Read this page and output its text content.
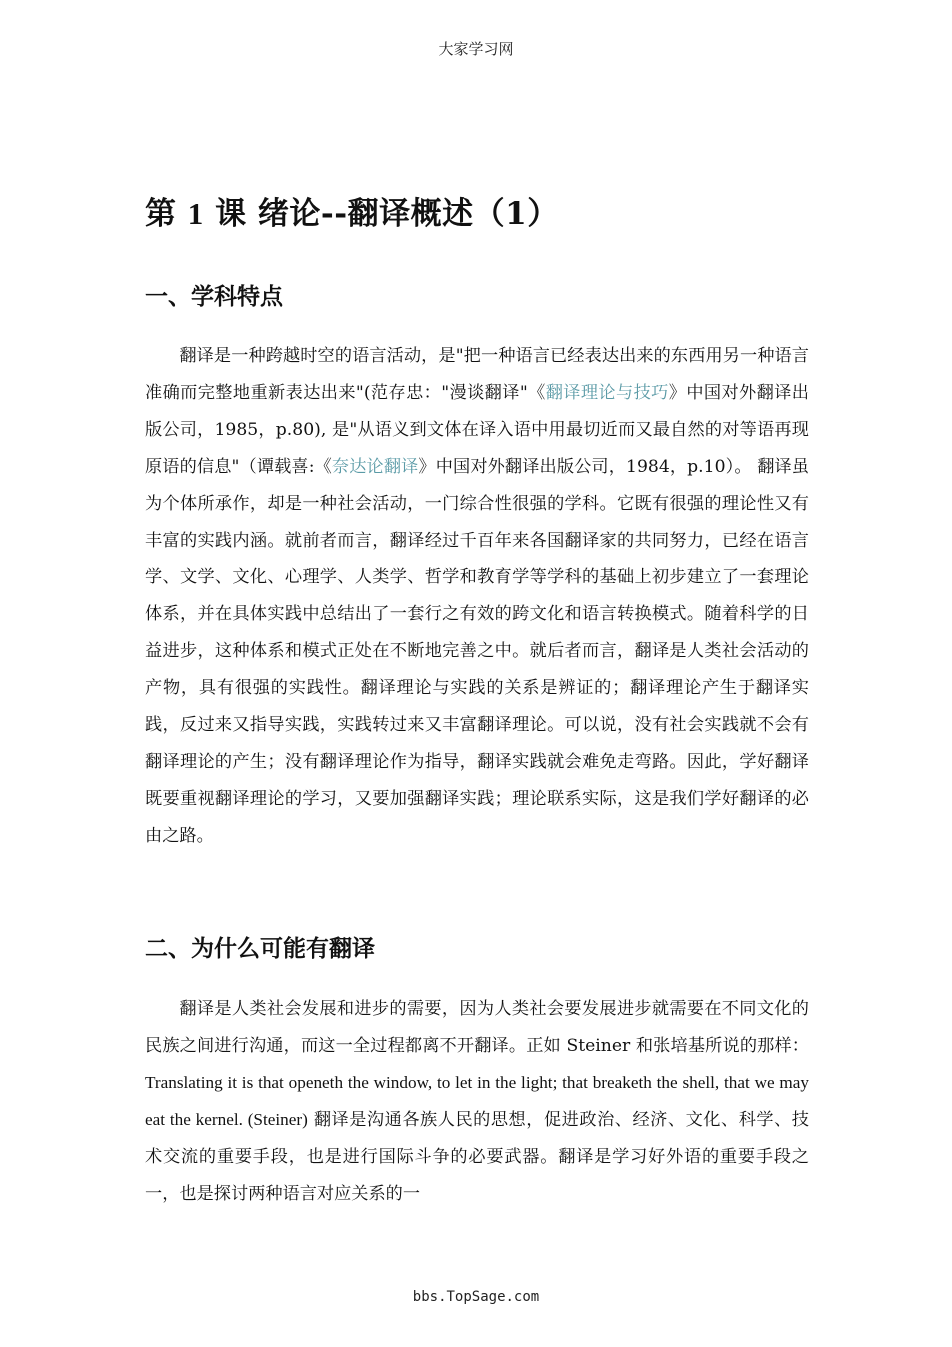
大家学习网
第 1 课 绪论--翻译概述（1）
一、学科特点

翻译是一种跨越时空的语言活动，是"把一种语言已经表达出来的东西用另一种语言准确而完整地重新表达出来"(范存忠："漫谈翻译"《翻译理论与技巧》中国对外翻译出版公司，1985，p.80), 是"从语义到文体在译入语中用最切近而又最自然的对等语再现原语的信息"（谭载喜:《奈达论翻译》中国对外翻译出版公司，1984，p.10）。 翻译虽为个体所承作，却是一种社会活动，一门综合性很强的学科。它既有很强的理论性又有丰富的实践内涵。就前者而言，翻译经过千百年来各国翻译家的共同努力，已经在语言学、文学、文化、心理学、人类学、哲学和教育学等学科的基础上初步建立了一套理论体系，并在具体实践中总结出了一套行之有效的跨文化和语言转换模式。随着科学的日益进步，这种体系和模式正处在不断地完善之中。就后者而言，翻译是人类社会活动的产物，具有很强的实践性。翻译理论与实践的关系是辨证的；翻译理论产生于翻译实践，反过来又指导实践，实践转过来又丰富翻译理论。可以说，没有社会实践就不会有翻译理论的产生；没有翻译理论作为指导，翻译实践就会难免走弯路。因此，学好翻译既要重视翻译理论的学习，又要加强翻译实践；理论联系实际，这是我们学好翻译的必由之路。

二、为什么可能有翻译

翻译是人类社会发展和进步的需要，因为人类社会要发展进步就需要在不同文化的民族之间进行沟通，而这一全过程都离不开翻译。正如 Steiner 和张培基所说的那样：Translating it is that openeth the window, to let in the light; that breaketh the shell, that we may eat the kernel. (Steiner) 翻译是沟通各族人民的思想，促进政治、经济、文化、科学、技术交流的重要手段，也是进行国际斗争的必要武器。翻译是学习好外语的重要手段之一，也是探讨两种语言对应关系的一

bbs.TopSage.com
